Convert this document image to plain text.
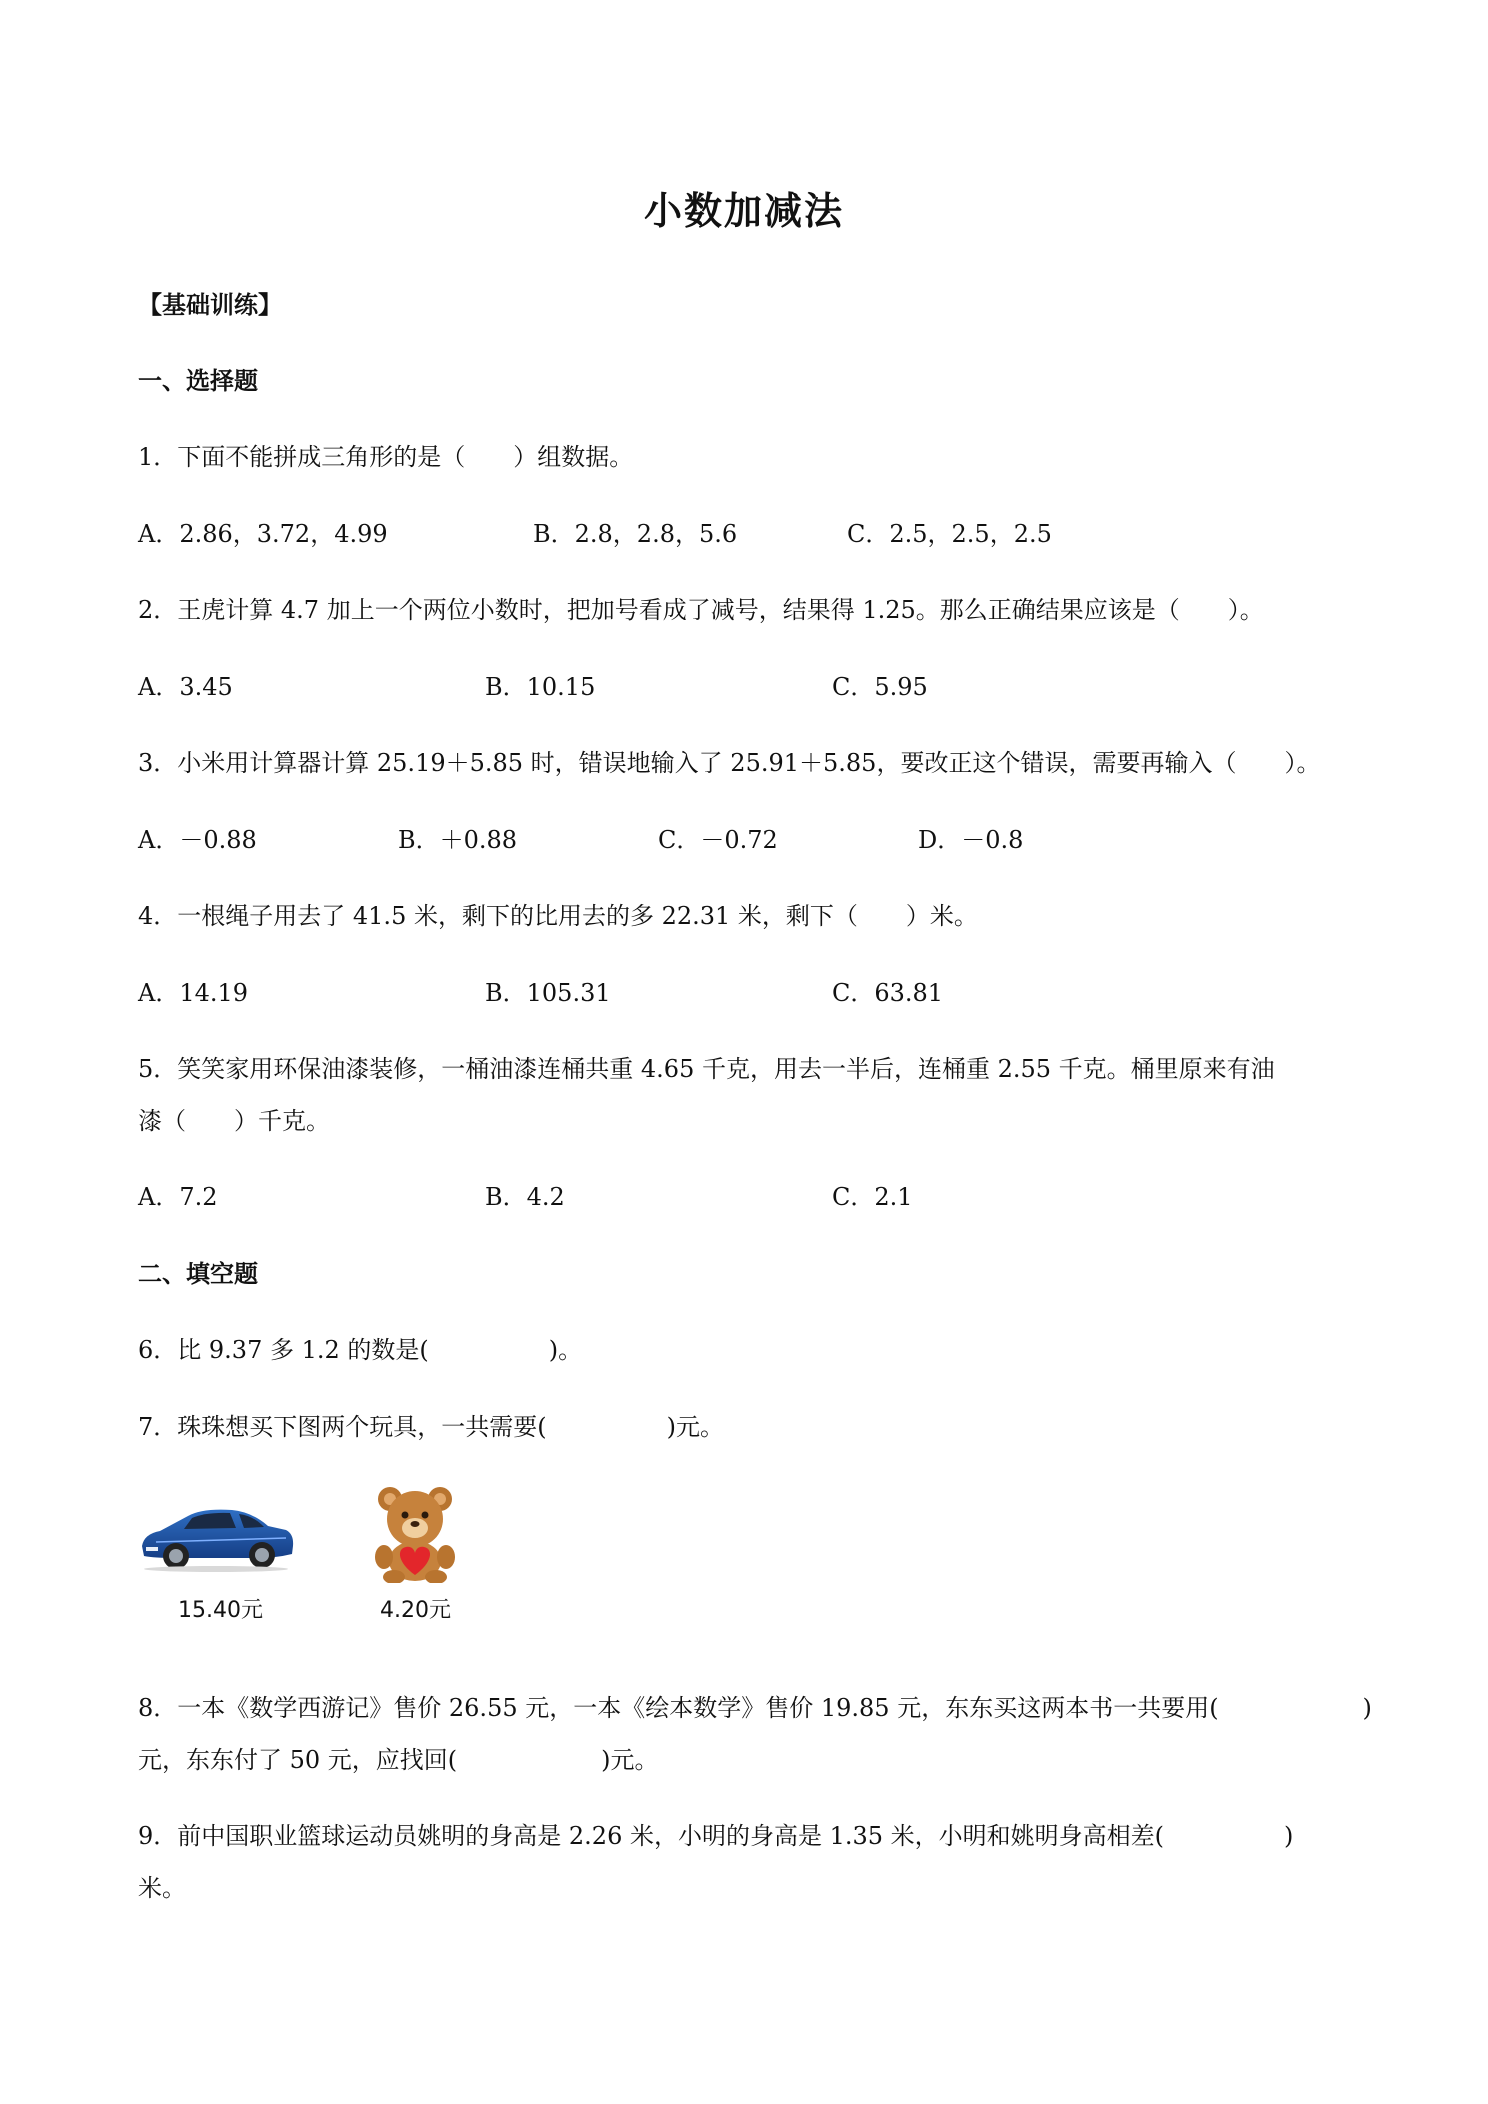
小数加减法
【基础训练】
一、选择题
1．下面不能拼成三角形的是（　　）组数据。
A．2.86，3.72，4.99	B．2.8，2.8，5.6	C．2.5，2.5，2.5
2．王虎计算 4.7 加上一个两位小数时，把加号看成了减号，结果得 1.25。那么正确结果应该是（　　）。
A．3.45	B．10.15	C．5.95
3．小米用计算器计算 25.19＋5.85 时，错误地输入了 25.91＋5.85，要改正这个错误，需要再输入（　　）。
A．－0.88	B．＋0.88	C．－0.72	D．－0.8
4．一根绳子用去了 41.5 米，剩下的比用去的多 22.31 米，剩下（　　）米。
A．14.19	B．105.31	C．63.81
5．笑笑家用环保油漆装修，一桶油漆连桶共重 4.65 千克，用去一半后，连桶重 2.55 千克。桶里原来有油
漆（　　）千克。
A．7.2	B．4.2	C．2.1
二、填空题
6．比 9.37 多 1.2 的数是(　　　　　)。
7．珠珠想买下图两个玩具，一共需要(　　　　　)元。
15.40元	4.20元
8．一本《数学西游记》售价 26.55 元，一本《绘本数学》售价 19.85 元，东东买这两本书一共要用(　　　　　　)
元，东东付了 50 元，应找回(　　　　　　)元。
9．前中国职业篮球运动员姚明的身高是 2.26 米，小明的身高是 1.35 米，小明和姚明身高相差(　　　　　)
米。
